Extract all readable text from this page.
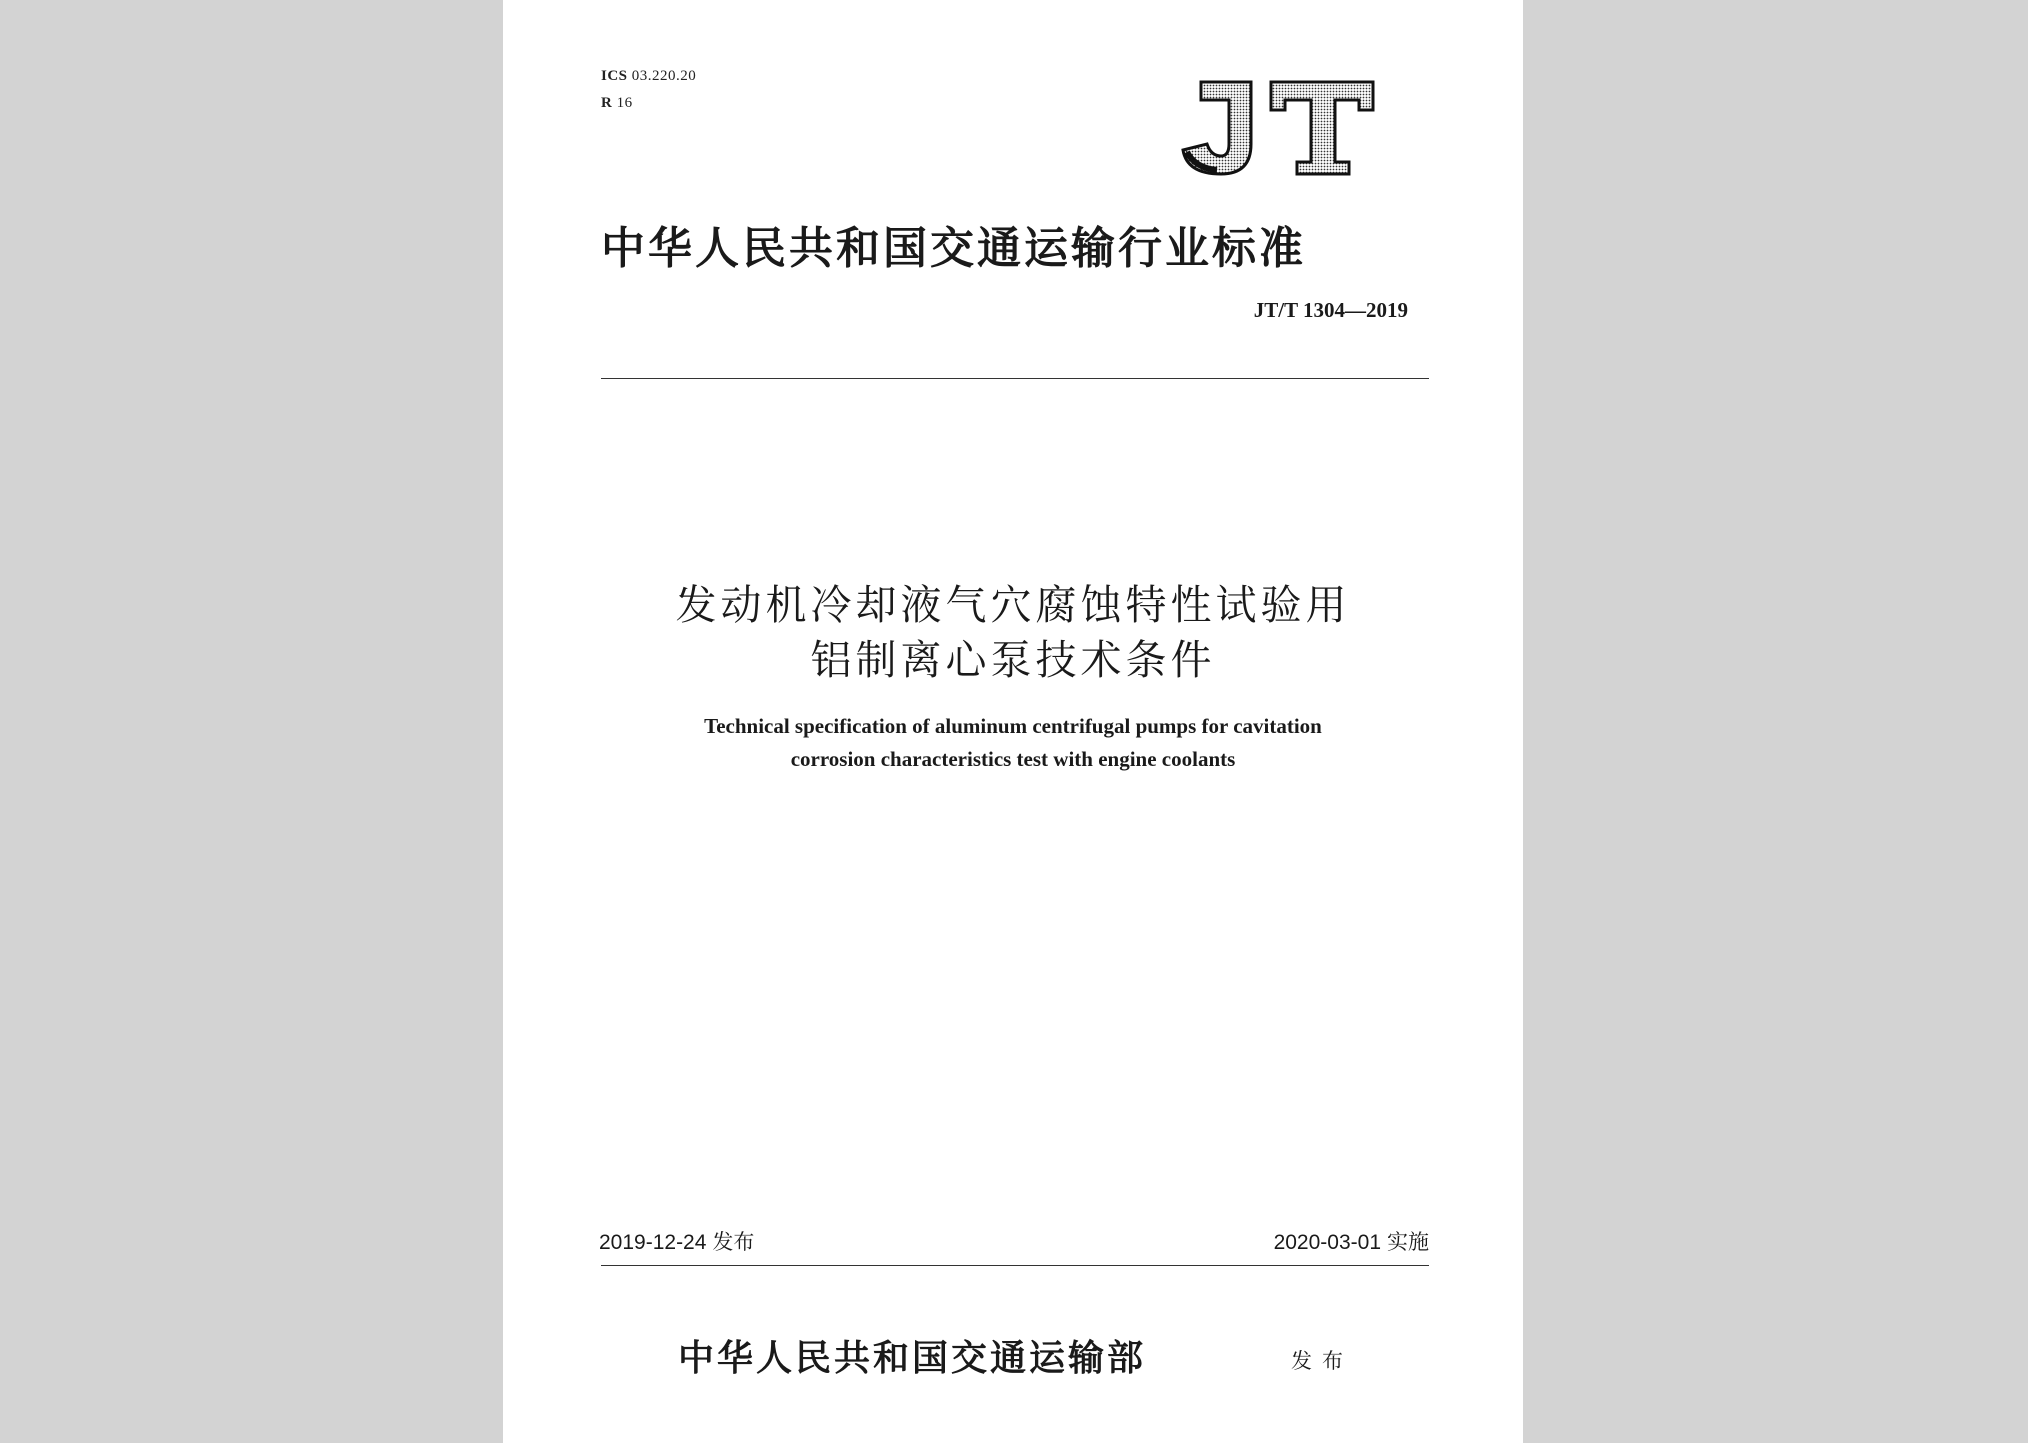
ICS 03.220.20
R 16
中华人民共和国交通运输行业标准
JT/T 1304—2019
发动机冷却液气穴腐蚀特性试验用
铝制离心泵技术条件
Technical specification of aluminum centrifugal pumps for cavitation
corrosion characteristics test with engine coolants
2019-12-24 发布	2020-03-01 实施
中华人民共和国交通运输部	发布
